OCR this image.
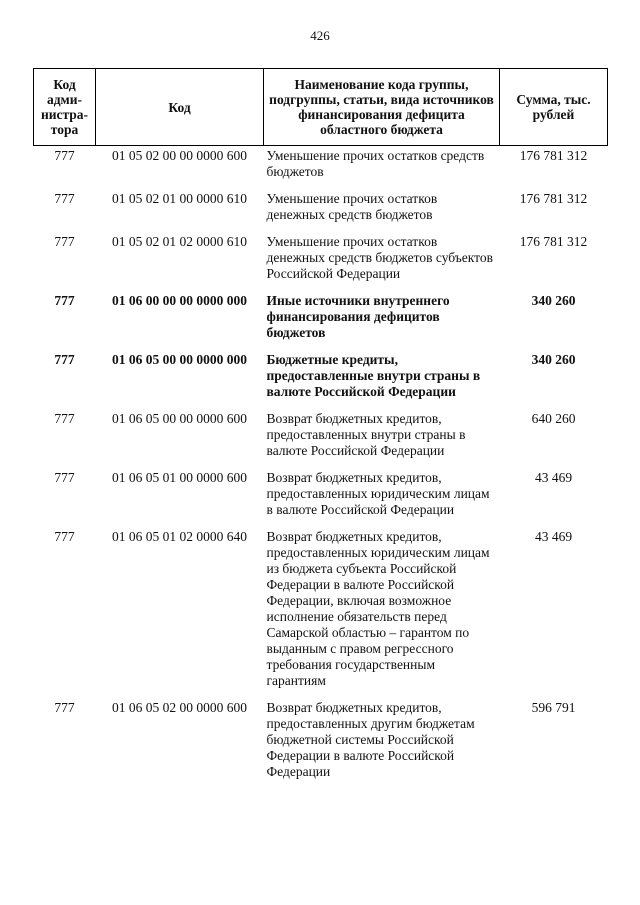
426
Код адми-нистра-тора	Код	Наименование кода группы, подгруппы, статьи, вида источников финансирования дефицита областного бюджета	Сумма, тыс. рублей
777	01 05 02 00 00 0000 600	Уменьшение прочих остатков средств бюджетов	176 781 312
777	01 05 02 01 00 0000 610	Уменьшение прочих остатков денежных средств бюджетов	176 781 312
777	01 05 02 01 02 0000 610	Уменьшение прочих остатков денежных средств бюджетов субъектов Российской Федерации	176 781 312
777	01 06 00 00 00 0000 000	Иные источники внутреннего финансирования дефицитов бюджетов	340 260
777	01 06 05 00 00 0000 000	Бюджетные кредиты, предоставленные внутри страны в валюте Российской Федерации	340 260
777	01 06 05 00 00 0000 600	Возврат бюджетных кредитов, предоставленных внутри страны в валюте Российской Федерации	640 260
777	01 06 05 01 00 0000 600	Возврат бюджетных кредитов, предоставленных юридическим лицам в валюте Российской Федерации	43 469
777	01 06 05 01 02 0000 640	Возврат бюджетных кредитов, предоставленных юридическим лицам из бюджета субъекта Российской Федерации в валюте Российской Федерации, включая возможное исполнение обязательств перед Самарской областью – гарантом по выданным с правом регрессного требования государственным гарантиям	43 469
777	01 06 05 02 00 0000 600	Возврат бюджетных кредитов, предоставленных другим бюджетам бюджетной системы Российской Федерации в валюте Российской Федерации	596 791
